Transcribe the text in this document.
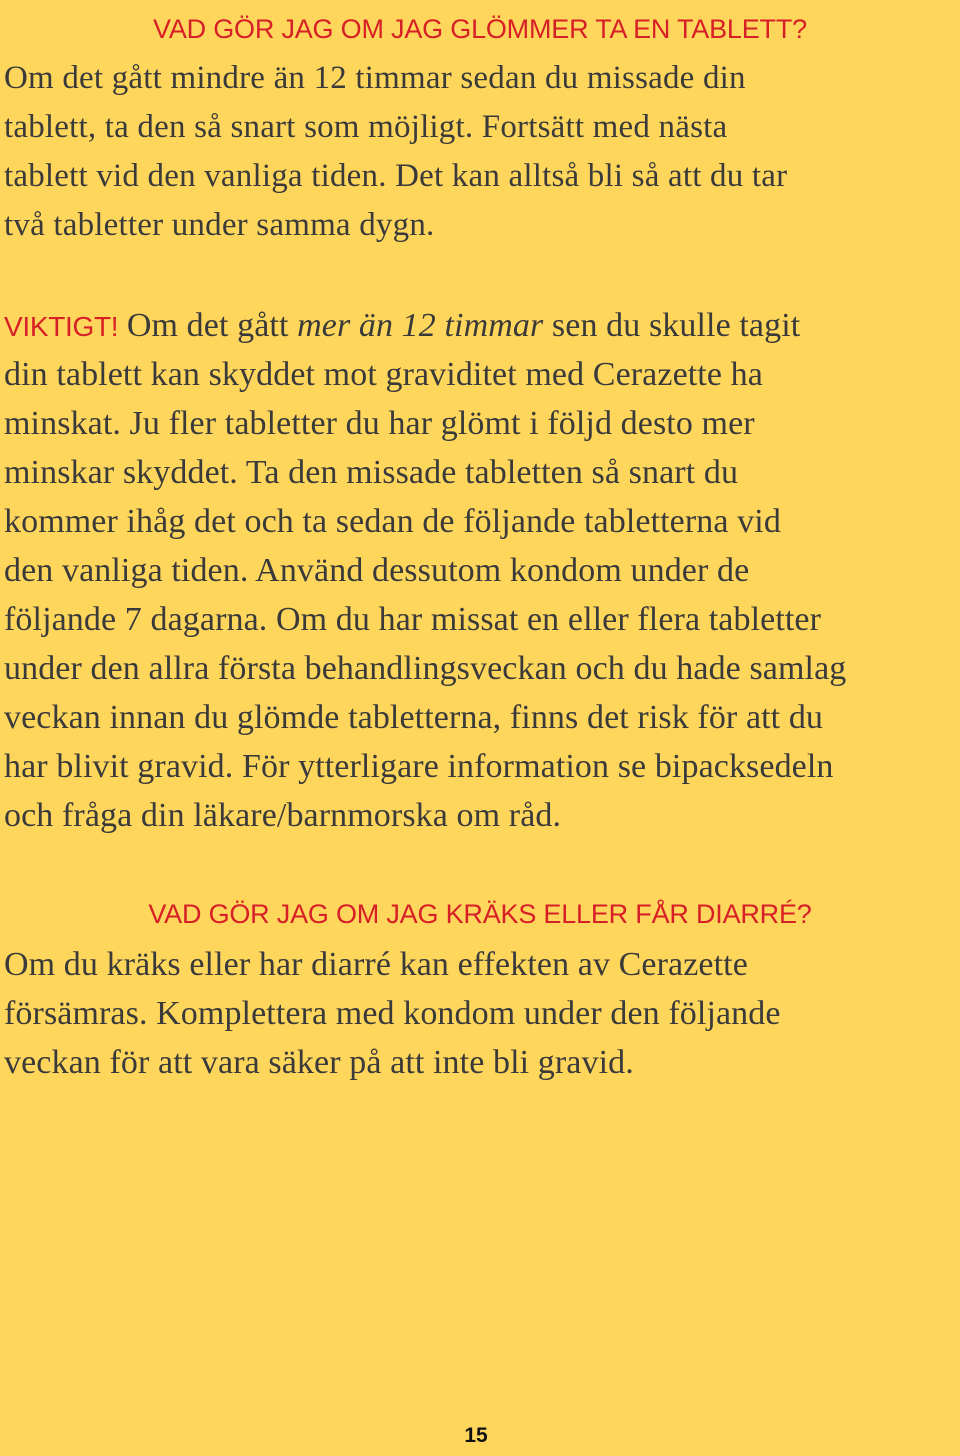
VAD GÖR JAG OM JAG GLÖMMER TA EN TABLETT?

Om det gått mindre än 12 timmar sedan du missade din
tablett, ta den så snart som möjligt. Fortsätt med nästa
tablett vid den vanliga tiden. Det kan alltså bli så att du tar
två tabletter under samma dygn.

VIKTIGT! Om det gått mer än 12 timmar sen du skulle tagit
din tablett kan skyddet mot graviditet med Cerazette ha
minskat. Ju fler tabletter du har glömt i följd desto mer
minskar skyddet. Ta den missade tabletten så snart du
kommer ihåg det och ta sedan de följande tabletterna vid
den vanliga tiden. Använd dessutom kondom under de
följande 7 dagarna. Om du har missat en eller flera tabletter
under den allra första behandlingsveckan och du hade samlag
veckan innan du glömde tabletterna, finns det risk för att du
har blivit gravid. För ytterligare information se bipacksedeln
och fråga din läkare/barnmorska om råd.

VAD GÖR JAG OM JAG KRÄKS ELLER FÅR DIARRÉ?

Om du kräks eller har diarré kan effekten av Cerazette
försämras. Komplettera med kondom under den följande
veckan för att vara säker på att inte bli gravid.

15
